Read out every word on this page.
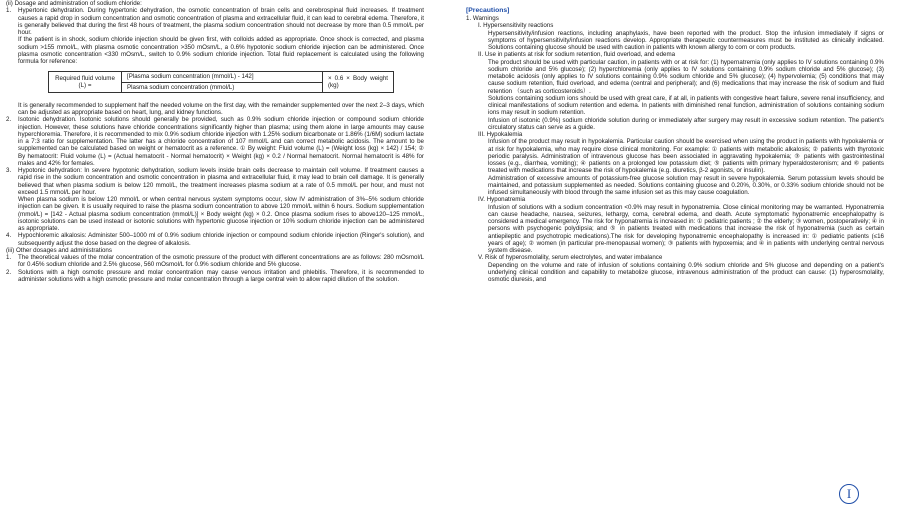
(ii) Dosage and administration of sodium chloride:

1.	Hypertonic dehydration. During hypertonic dehydration, the osmotic concentration of brain cells and cerebrospinal fluid increases. If treatment causes a rapid drop in sodium concentration and osmotic concentration of plasma and extracellular fluid, it can lead to cerebral edema. Therefore, it is generally believed that during the first 48 hours of treatment, the plasma sodium concentration should not decrease by more than 0.5 mmol/L per hour.

If the patient is in shock, sodium chloride injection should be given first, with colloids added as appropriate. Once shock is corrected, and plasma sodium >155 mmol/L, with plasma osmotic concentration >350 mOsm/L, a 0.6% hypotonic sodium chloride injection can be administered. Once plasma osmotic concentration <330 mOsm/L, switch to 0.9% sodium chloride injection. Total fluid replacement is calculated using the following formula for reference:

Required fluid volume (L) =	[Plasma sodium concentration (mmol/L) - 142]	× 0.6 × Body weight (kg)
Plasma sodium concentration (mmol/L)

It is generally recommended to supplement half the needed volume on the first day, with the remainder supplemented over the next 2–3 days, which can be adjusted as appropriate based on heart, lung, and kidney functions.

2.	Isotonic dehydration. Isotonic solutions should generally be provided, such as 0.9% sodium chloride injection or compound sodium chloride injection. However, these solutions have chloride concentrations significantly higher than plasma; using them alone in large amounts may cause hyperchloremia. Therefore, it is recommended to mix 0.9% sodium chloride injection with 1.25% sodium bicarbonate or 1.86% (1/6M) sodium lactate in a 7:3 ratio for supplementation. The latter has a chloride concentration of 107 mmol/L and can correct metabolic acidosis. The amount to be supplemented can be calculated based on weight or hematocrit as a reference. ① By weight: Fluid volume (L) = (Weight loss (kg) × 142) / 154; ② By hematocrit: Fluid volume (L) = (Actual hematocrit - Normal hematocrit) × Weight (kg) × 0.2 / Normal hematocrit. Normal hematocrit is 48% for males and 42% for females.

3.	Hypotonic dehydration: In severe hypotonic dehydration, sodium levels inside brain cells decrease to maintain cell volume. If treatment causes a rapid rise in the sodium concentration and osmotic concentration in plasma and extracellular fluid, it may lead to brain cell damage. It is generally believed that when plasma sodium is below 120 mmol/L, the treatment increases plasma sodium at a rate of 0.5 mmol/L per hour, and must not exceed 1.5 mmol/L per hour.

When plasma sodium is below 120 mmol/L or when central nervous system symptoms occur, slow IV administration of 3%–5% sodium chloride injection can be given. It is usually required to raise the plasma sodium concentration to above 120 mmol/L within 6 hours. Sodium supplementation (mmol/L) = [142 - Actual plasma sodium concentration (mmol/L)] × Body weight (kg) × 0.2. Once plasma sodium rises to above120–125 mmol/L, isotonic solutions can be used instead or isotonic solutions with hypertonic glucose injection or 10% sodium chloride injection can be administered as appropriate.

4.	Hypochloremic alkalosis: Administer 500–1000 ml of 0.9% sodium chloride injection or compound sodium chloride injection (Ringer's solution), and subsequently adjust the dose based on the degree of alkalosis.

(iii) Other dosages and administrations

1.	The theoretical values of the molar concentration of the osmotic pressure of the product with different concentrations are as follows: 280 mOsmol/L for 0.45% sodium chloride and 2.5% glucose, 560 mOsmol/L for 0.9% sodium chloride and 5% glucose.

2.	Solutions with a high osmotic pressure and molar concentration may cause venous irritation and phlebitis. Therefore, it is recommended to administer solutions with a high osmotic pressure and molar concentration through a large central vein to allow rapid dilution of the solution.

[Precautions]

1. Warnings

I. Hypersensitivity reactions

Hypersensitivity/infusion reactions, including anaphylaxis, have been reported with the product. Stop the infusion immediately if signs or symptoms of hypersensitivity/infusion reactions develop. Appropriate therapeutic countermeasures must be instituted as clinically indicated. Solutions containing glucose should be used with caution in patients with known allergy to corn or corn products.

II. Use in patients at risk for sodium retention, fluid overload, and edema

The product should be used with particular caution, in patients with or at risk for: (1) hypernatremia (only applies to IV solutions containing 0.9% sodium chloride and 5% glucose); (2) hyperchloremia (only applies to IV solutions containing 0.9% sodium chloride and 5% glucose); (3) metabolic acidosis (only applies to IV solutions containing 0.9% sodium chloride and 5% glucose); (4) hypervolemia; (5) conditions that may cause sodium retention, fluid overload, and edema (central and peripheral); and (6) medications that may increase the risk of sodium and fluid retention （such as corticosteroids）.

Solutions containing sodium ions should be used with great care, if at all, in patients with congestive heart failure, severe renal insufficiency, and clinical manifestations of sodium retention and edema. In patients with diminished renal function, administration of solutions containing sodium ions may result in sodium retention.

Infusion of isotonic (0.9%) sodium chloride solution during or immediately after surgery may result in excessive sodium retention. The patient's circulatory status can serve as a guide.

III. Hypokalemia

Infusion of the product may result in hypokalemia. Particular caution should be exercised when using the product in patients with hypokalemia or at risk for hypokalemia, who may require close clinical monitoring. For example: ① patients with metabolic alkalosis; ② patients with thyrotoxic periodic paralysis. Administration of intravenous glucose has been associated in aggravating hypokalemia; ③ patients with gastrointestinal losses (e.g., diarrhea, vomiting); ④ patients on a prolonged low potassium diet; ⑤ patients with primary hyperaldosteronism; and ⑥ patients treated with medications that increase the risk of hypokalemia (e.g. diuretics, β-2 agonists, or insulin).

Administration of excessive amounts of potassium-free glucose solution may result in severe hypokalemia. Serum potassium levels should be maintained, and potassium supplemented as needed. Solutions containing glucose and 0.20%, 0.30%, or 0.33% sodium chloride should not be infused simultaneously with blood through the same infusion set as this may cause coagulation.

IV. Hyponatremia

Infusion of solutions with a sodium concentration <0.9% may result in hyponatremia. Close clinical monitoring may be warranted. Hyponatremia can cause headache, nausea, seizures, lethargy, coma, cerebral edema, and death. Acute symptomatic hyponatremic encephalopathy is considered a medical emergency. The risk for hyponatremia is increased in: ① pediatric patients ; ② the elderly; ③ women, postoperatively; ④ in persons with psychogenic polydipsia; and ⑤ in patients treated with medications that increase the risk of hyponatremia (such as certain antiepileptic and psychotropic medications).The risk for developing hyponatremic encephalopathy is increased in: ① pediatric patients (≤16 years of age); ② women (in particular pre-menopausal women); ③ patients with hypoxemia; and ④ in patients with underlying central nervous system disease.

V. Risk of hyperosmolality, serum electrolytes, and water imbalance

Depending on the volume and rate of infusion of solutions containing 0.9% sodium chloride and 5% glucose and depending on a patient's underlying clinical condition and capability to metabolize glucose, intravenous administration of the product can cause: (1) hyperosmolality, osmotic diuresis, and

I
